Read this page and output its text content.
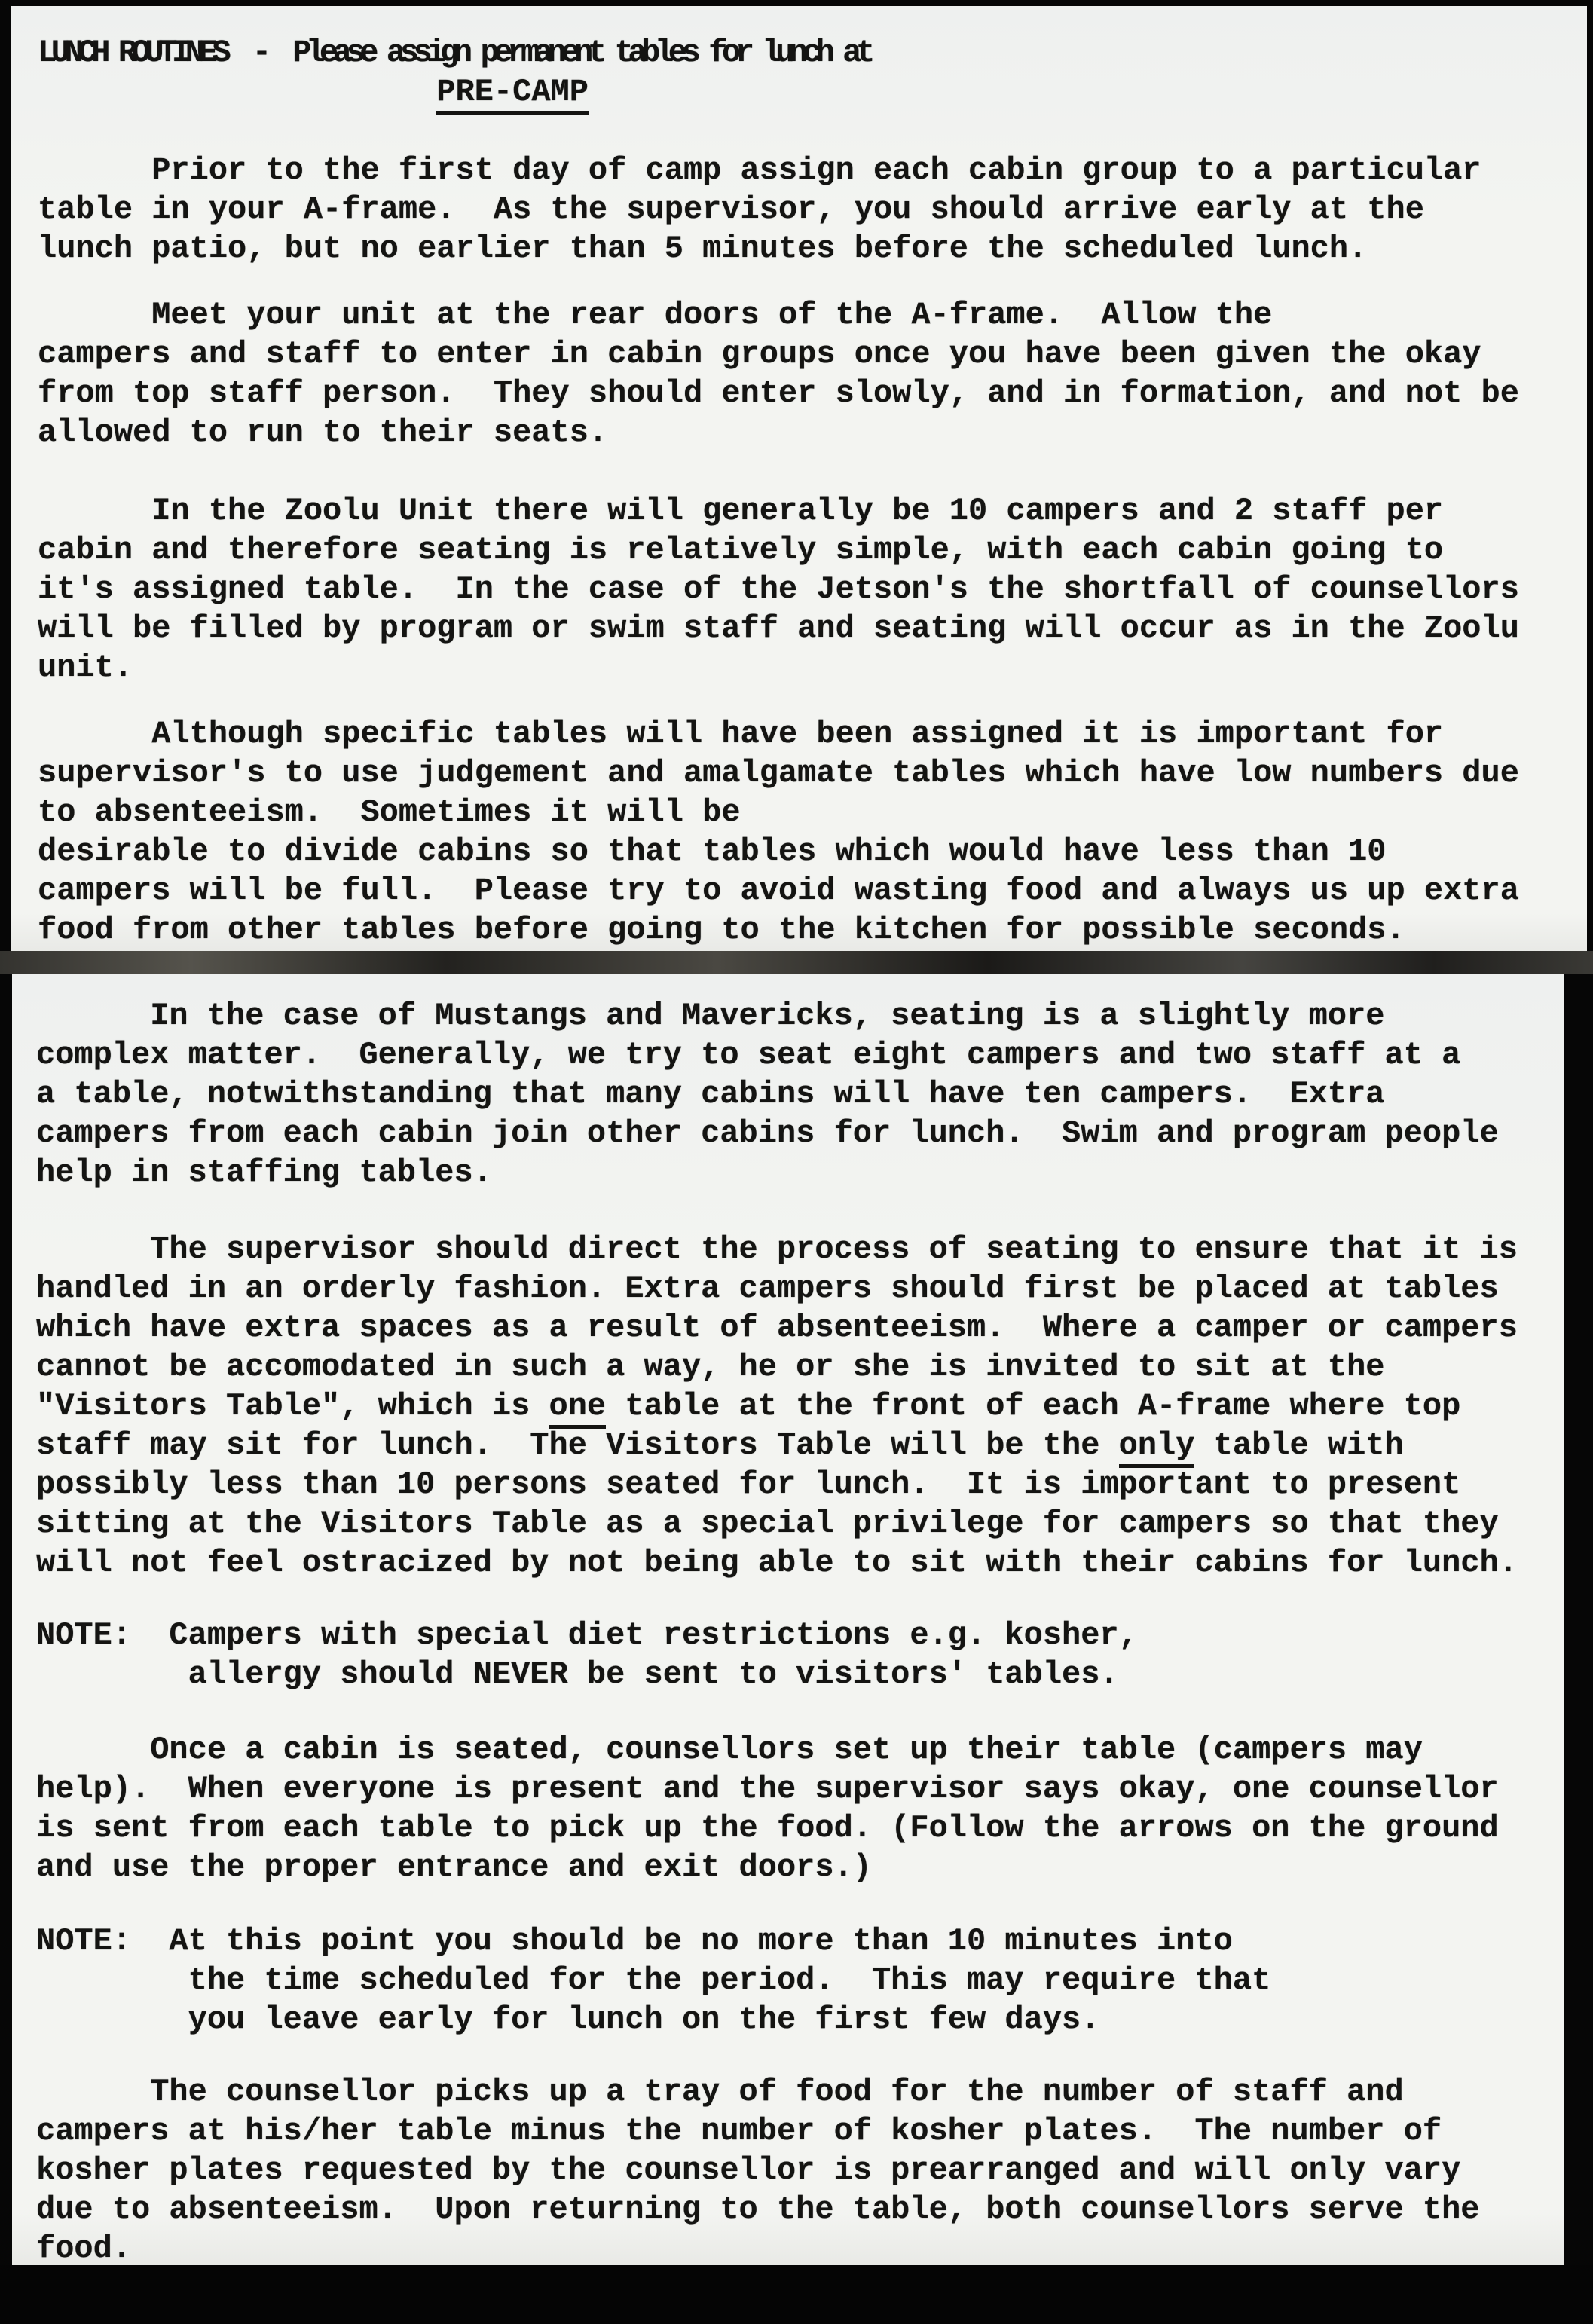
LUNCH ROUTINES  -  Please assign permanent tables for lunch at
PRE-CAMP
Prior to the first day of camp assign each cabin group to a particular
table in your A-frame.  As the supervisor, you should arrive early at the
lunch patio, but no earlier than 5 minutes before the scheduled lunch.
Meet your unit at the rear doors of the A-frame.  Allow the
campers and staff to enter in cabin groups once you have been given the okay
from top staff person.  They should enter slowly, and in formation, and not be
allowed to run to their seats.
In the Zoolu Unit there will generally be 10 campers and 2 staff per
cabin and therefore seating is relatively simple, with each cabin going to
it's assigned table.  In the case of the Jetson's the shortfall of counsellors
will be filled by program or swim staff and seating will occur as in the Zoolu
unit.
Although specific tables will have been assigned it is important for
supervisor's to use judgement and amalgamate tables which have low numbers due
to absenteeism.  Sometimes it will be
desirable to divide cabins so that tables which would have less than 10
campers will be full.  Please try to avoid wasting food and always us up extra
food from other tables before going to the kitchen for possible seconds.
In the case of Mustangs and Mavericks, seating is a slightly more
complex matter.  Generally, we try to seat eight campers and two staff at a
a table, notwithstanding that many cabins will have ten campers.  Extra
campers from each cabin join other cabins for lunch.  Swim and program people
help in staffing tables.
The supervisor should direct the process of seating to ensure that it is
handled in an orderly fashion. Extra campers should first be placed at tables
which have extra spaces as a result of absenteeism.  Where a camper or campers
cannot be accomodated in such a way, he or she is invited to sit at the
"Visitors Table", which is one table at the front of each A-frame where top
staff may sit for lunch.  The Visitors Table will be the only table with
possibly less than 10 persons seated for lunch.  It is important to present
sitting at the Visitors Table as a special privilege for campers so that they
will not feel ostracized by not being able to sit with their cabins for lunch.
NOTE:  Campers with special diet restrictions e.g. kosher,
allergy should NEVER be sent to visitors' tables.
Once a cabin is seated, counsellors set up their table (campers may
help).  When everyone is present and the supervisor says okay, one counsellor
is sent from each table to pick up the food. (Follow the arrows on the ground
and use the proper entrance and exit doors.)
NOTE:  At this point you should be no more than 10 minutes into
the time scheduled for the period.  This may require that
you leave early for lunch on the first few days.
The counsellor picks up a tray of food for the number of staff and
campers at his/her table minus the number of kosher plates.  The number of
kosher plates requested by the counsellor is prearranged and will only vary
due to absenteeism.  Upon returning to the table, both counsellors serve the
food.
